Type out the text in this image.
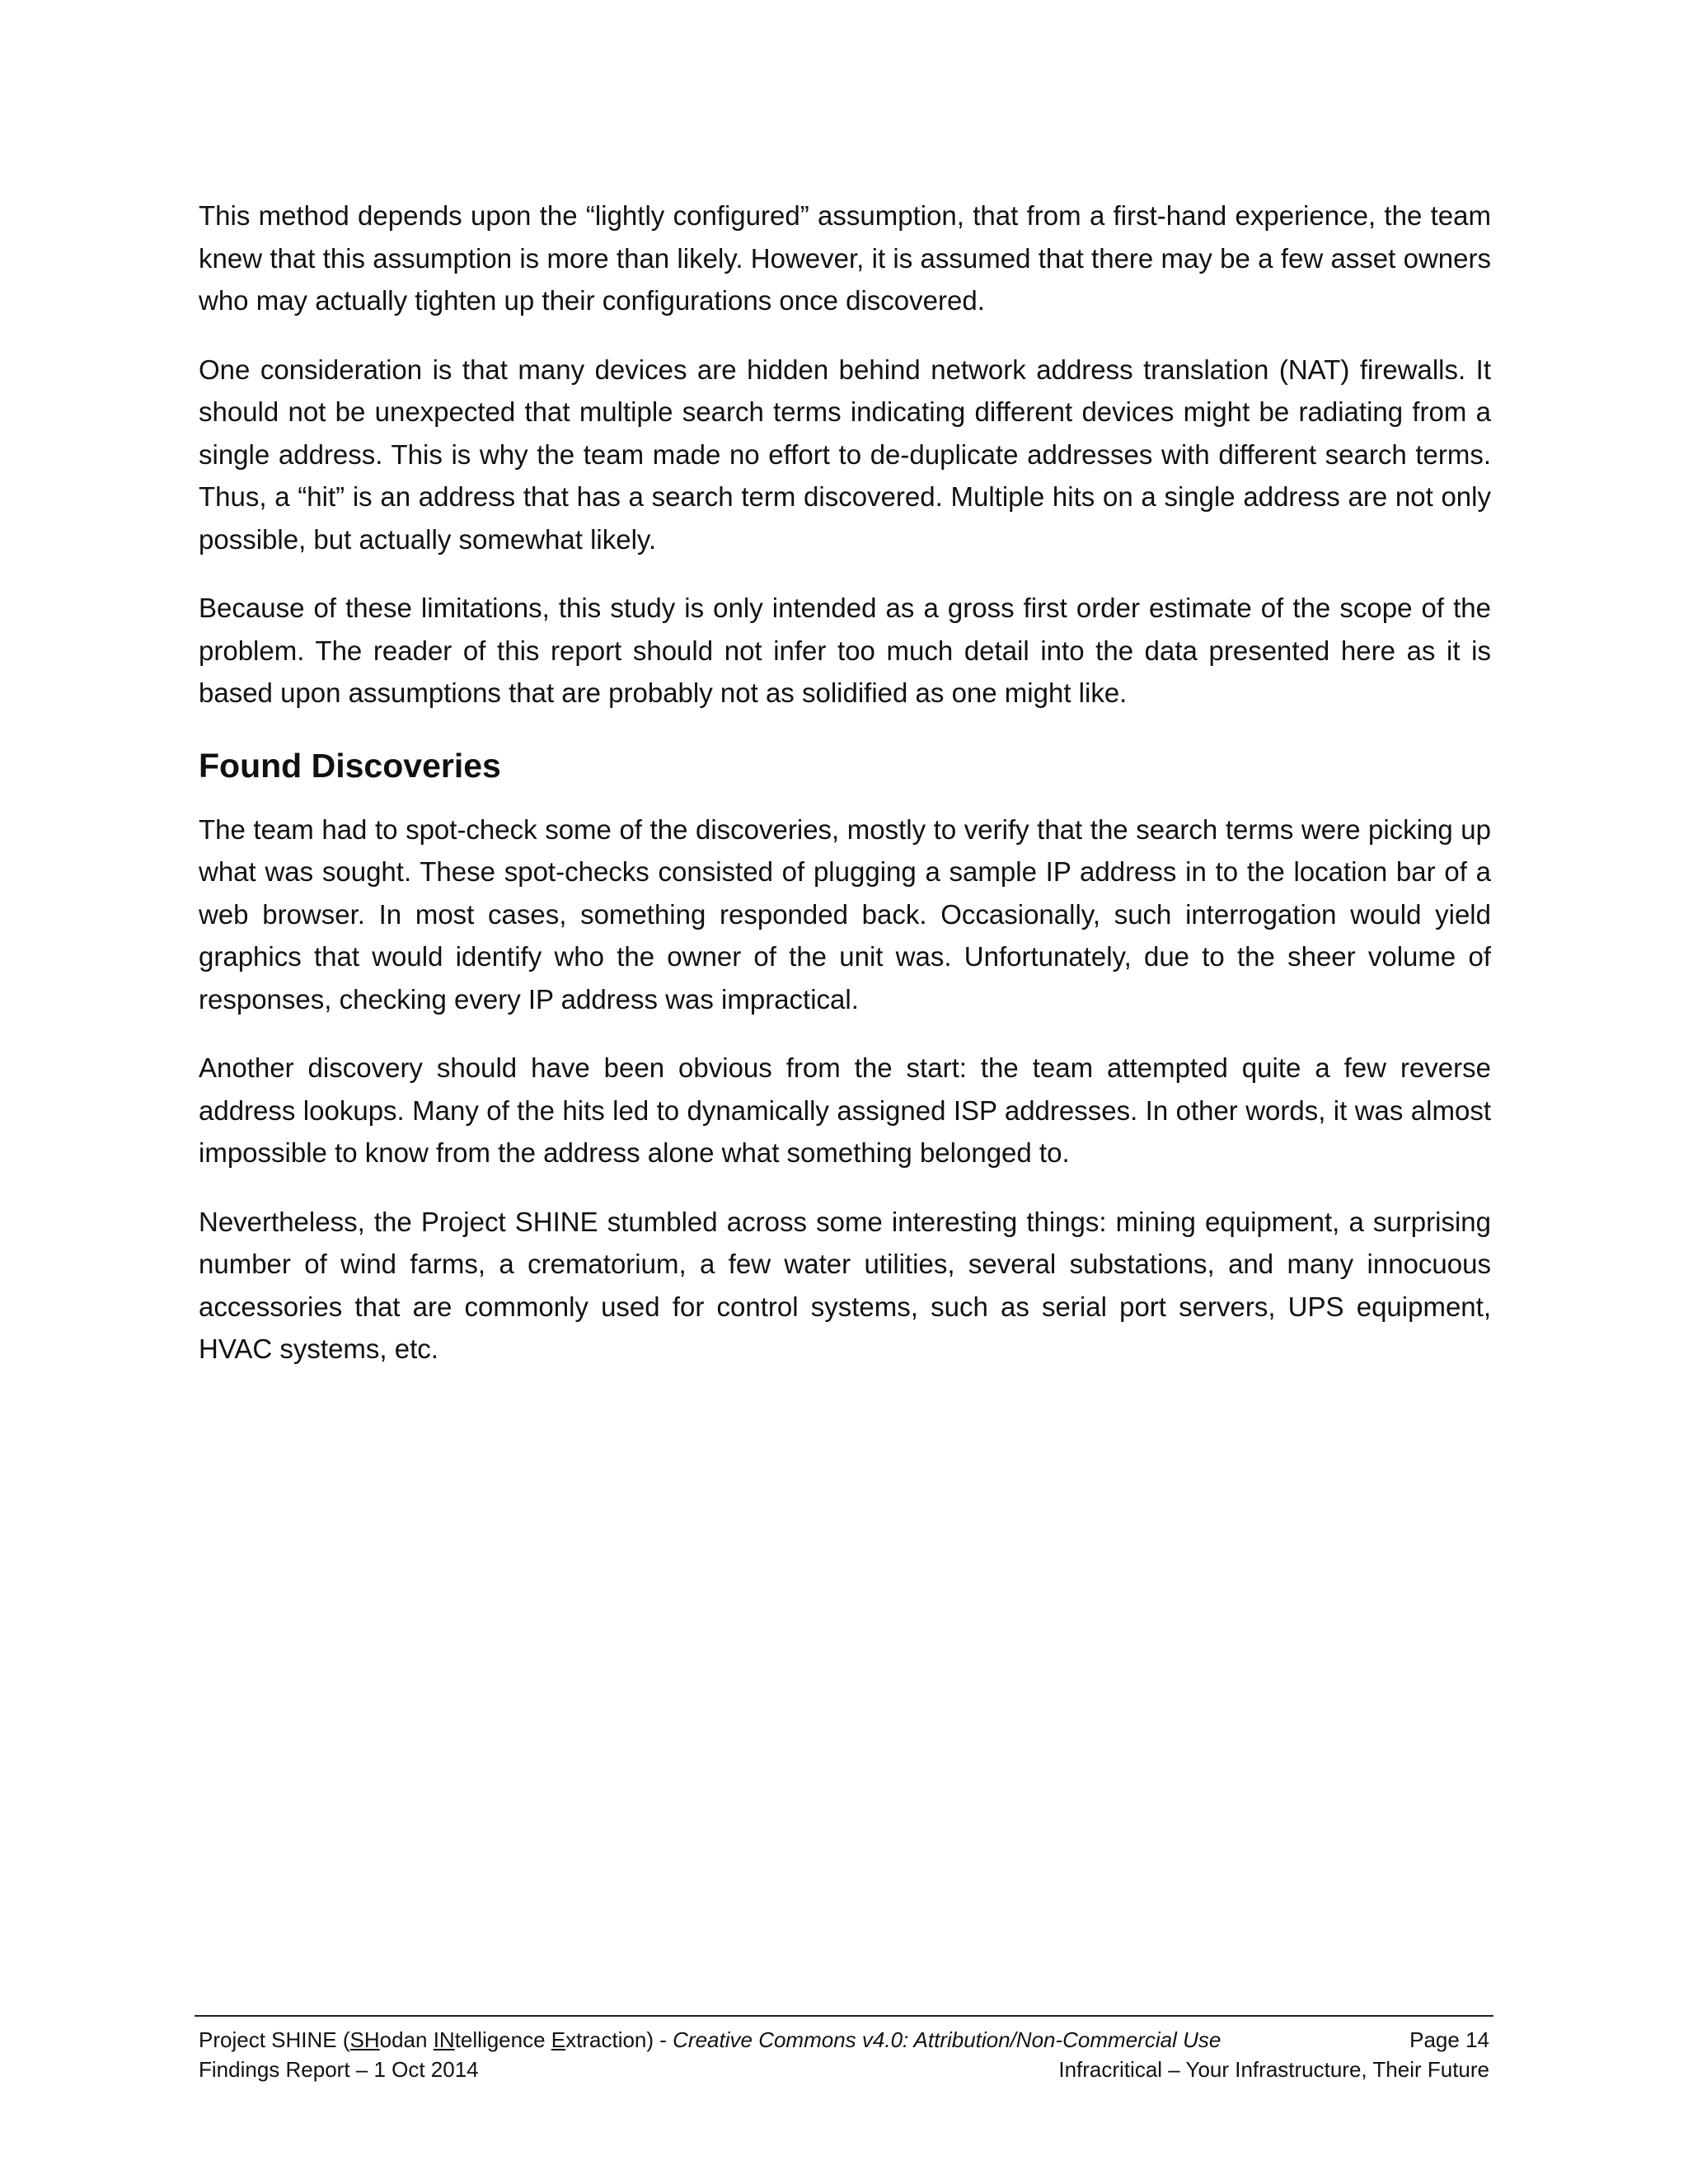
This method depends upon the “lightly configured” assumption, that from a first-hand experience, the team knew that this assumption is more than likely. However, it is assumed that there may be a few asset owners who may actually tighten up their configurations once discovered.

One consideration is that many devices are hidden behind network address translation (NAT) firewalls. It should not be unexpected that multiple search terms indicating different devices might be radiating from a single address. This is why the team made no effort to de-duplicate addresses with different search terms. Thus, a “hit” is an address that has a search term discovered. Multiple hits on a single address are not only possible, but actually somewhat likely.

Because of these limitations, this study is only intended as a gross first order estimate of the scope of the problem. The reader of this report should not infer too much detail into the data presented here as it is based upon assumptions that are probably not as solidified as one might like.

Found Discoveries

The team had to spot-check some of the discoveries, mostly to verify that the search terms were picking up what was sought. These spot-checks consisted of plugging a sample IP address in to the location bar of a web browser. In most cases, something responded back. Occasionally, such interrogation would yield graphics that would identify who the owner of the unit was. Unfortunately, due to the sheer volume of responses, checking every IP address was impractical.

Another discovery should have been obvious from the start: the team attempted quite a few reverse address lookups. Many of the hits led to dynamically assigned ISP addresses. In other words, it was almost impossible to know from the address alone what something belonged to.

Nevertheless, the Project SHINE stumbled across some interesting things: mining equipment, a surprising number of wind farms, a crematorium, a few water utilities, several substations, and many innocuous accessories that are commonly used for control systems, such as serial port servers, UPS equipment, HVAC systems, etc.

Project SHINE (SHodan INtelligence Extraction) - Creative Commons v4.0: Attribution/Non-Commercial Use	Page 14
Findings Report – 1 Oct 2014	Infracritical – Your Infrastructure, Their Future
